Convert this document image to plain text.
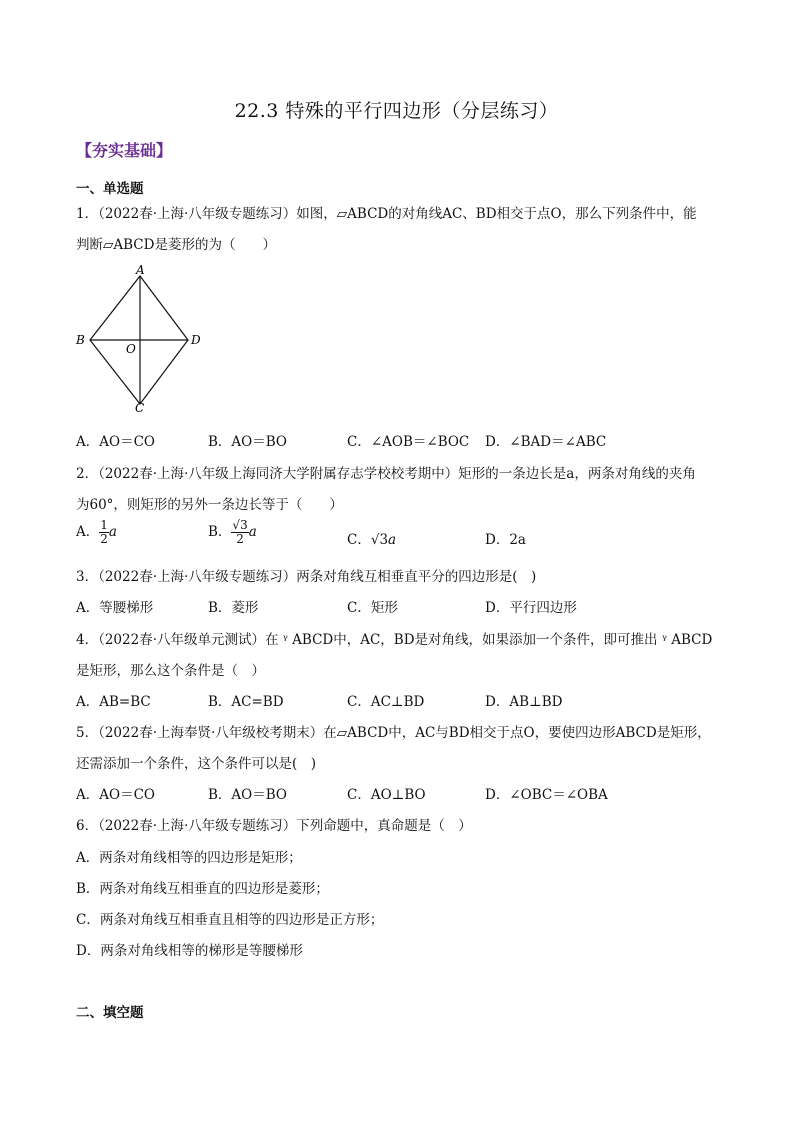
22.3 特殊的平行四边形（分层练习）
【夯实基础】
一、单选题
1．（2022春·上海·八年级专题练习）如图，▱ABCD的对角线AC、BD相交于点O，那么下列条件中，能
判断▱ABCD是菱形的为（　　）
A
B	D
C
O
A．AO＝CO	B．AO＝BO	C．∠AOB＝∠BOC D．∠BAD＝∠ABC
2．（2022春·上海·八年级上海同济大学附属存志学校校考期中）矩形的一条边长是a，两条对角线的夹角
为60°，则矩形的另外一条边长等于（　　）
A． $\frac{1}{2}$ a	B． $\frac{√3}{2}$ a	C．√3a	D．2a
3．（2022春·上海·八年级专题练习）两条对角线互相垂直平分的四边形是(　)
A．等腰梯形	B．菱形	C．矩形	D．平行四边形
4．（2022春·八年级单元测试）在 ᵞ ABCD中，AC，BD是对角线，如果添加一个条件，即可推出 ᵞ ABCD
是矩形，那么这个条件是（　）
A．AB=BC	B．AC=BD	C．AC⊥BD	D．AB⊥BD
5．（2022春·上海奉贤·八年级校考期末）在▱ABCD中，AC与BD相交于点O，要使四边形ABCD是矩形，
还需添加一个条件，这个条件可以是(　)
A．AO＝CO	B．AO＝BO	C．AO⊥BO	D．∠OBC＝∠OBA
6．（2022春·上海·八年级专题练习）下列命题中，真命题是（　）
A．两条对角线相等的四边形是矩形；
B．两条对角线互相垂直的四边形是菱形；
C．两条对角线互相垂直且相等的四边形是正方形；
D．两条对角线相等的梯形是等腰梯形
二、填空题
